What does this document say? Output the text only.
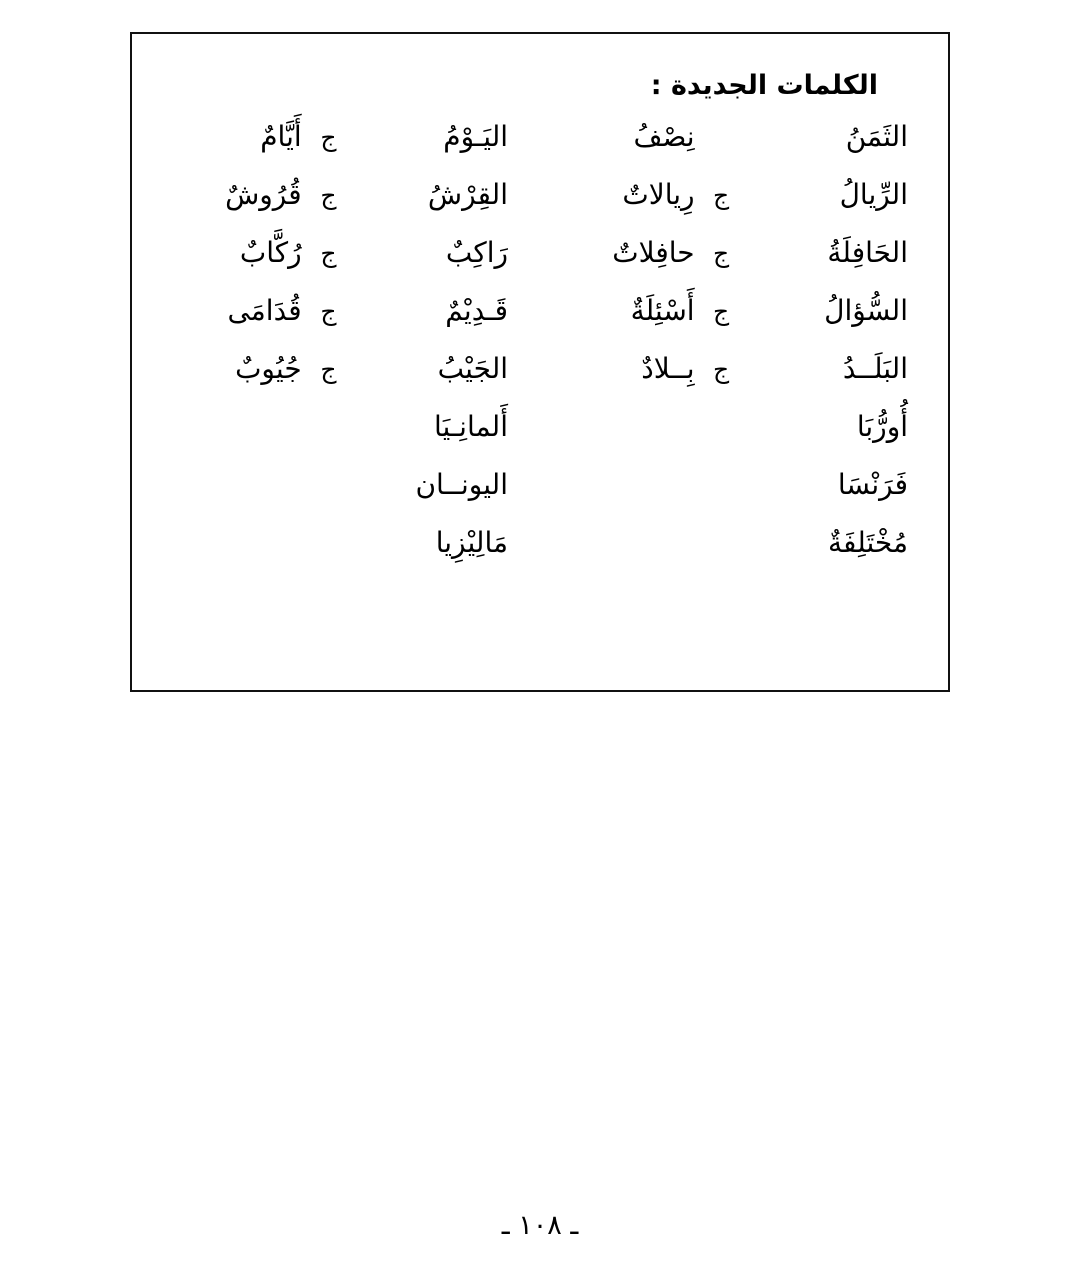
الكلمات الجديدة :
الثَمَنُ
نِصْفُ
الرِّيالُ
ج
رِيالاتٌ
الحَافِلَةُ
ج
حافِلاتٌ
السُّؤالُ
ج
أَسْئِلَةٌ
البَلَــدُ
ج
بِــلادٌ
أُورُّبَا
فَرَنْسَا
مُخْتَلِفَةٌ
اليَـوْمُ
ج
أَيَّامٌ
القِرْشُ
ج
قُرُوشٌ
رَاكِبٌ
ج
رُكَّابٌ
قَـدِيْمٌ
ج
قُدَامَى
الجَيْبُ
ج
جُيُوبٌ
أَلمانِـيَا
اليونــان
مَالِيْزِيا
ـ ١٠٨ ـ
